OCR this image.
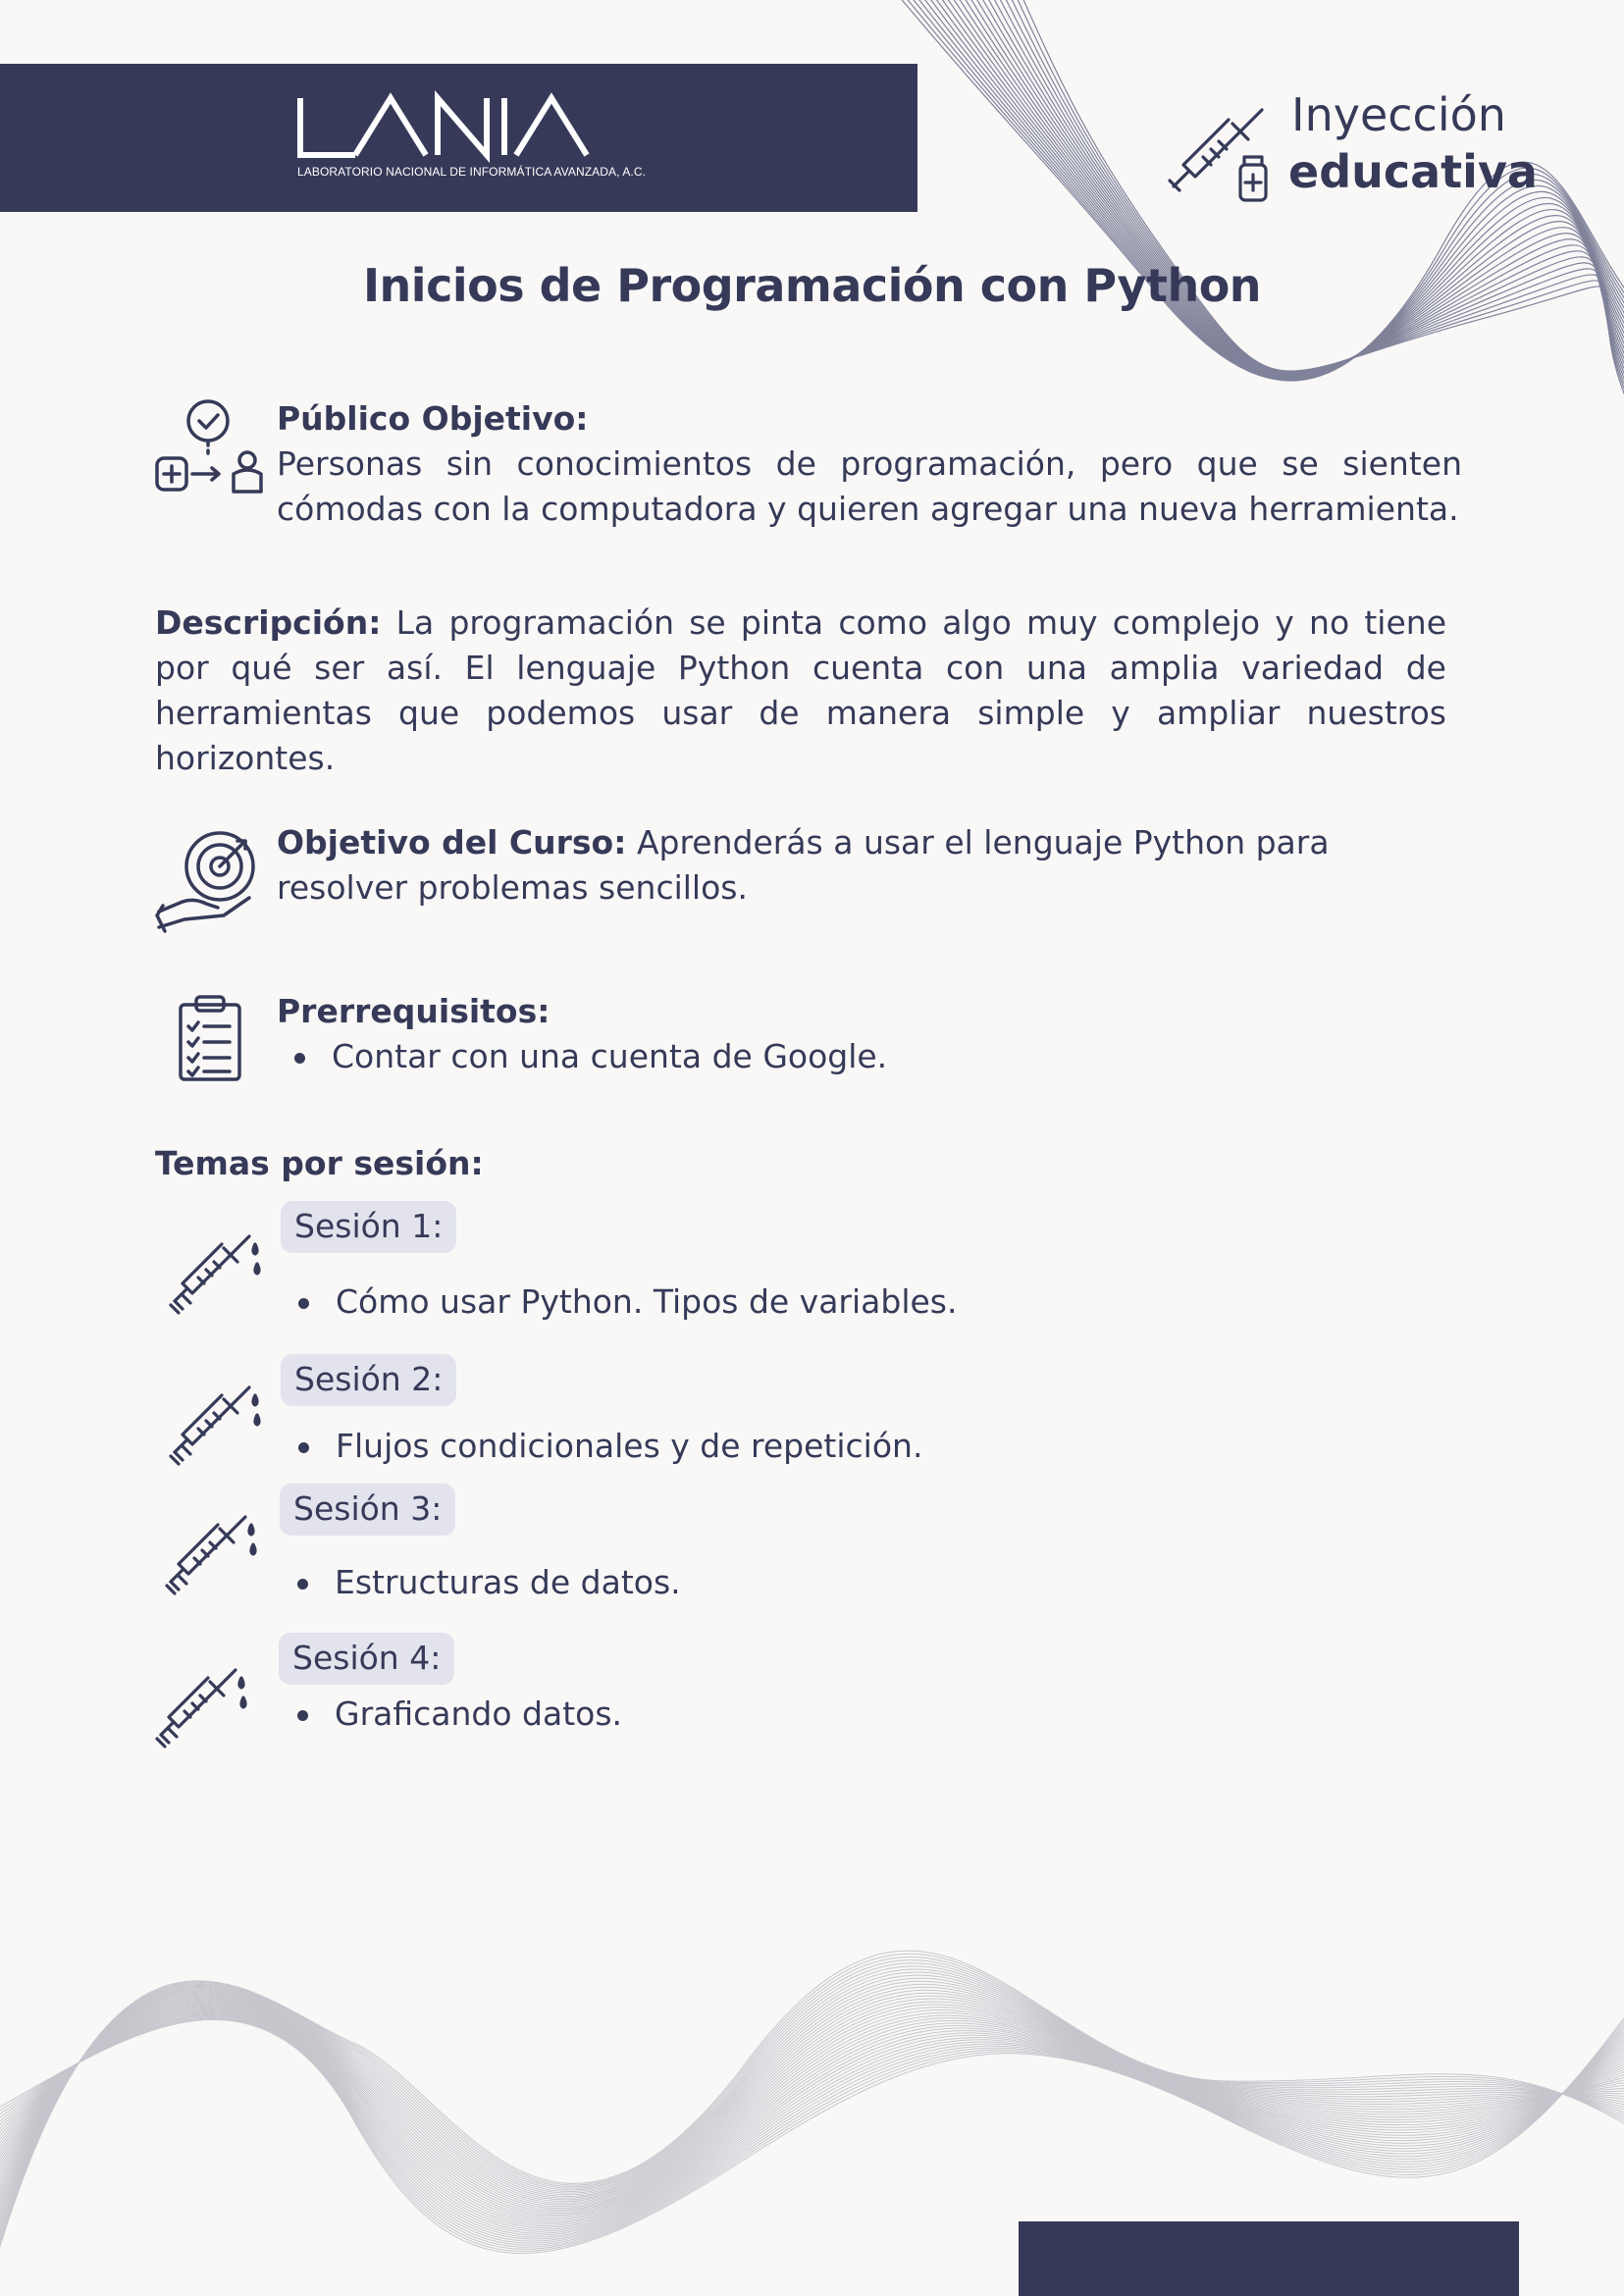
LABORATORIO NACIONAL DE INFORMÁTICA AVANZADA, A.C.
Inyección
educativa
Inicios de Programación con Python
Público Objetivo:
Personas sin conocimientos de programación, pero que se sienten cómodas con la computadora y quieren agregar una nueva herramienta.
Descripción: La programación se pinta como algo muy complejo y no tiene por qué ser así. El lenguaje Python cuenta con una amplia variedad de herramientas que podemos usar de manera simple y ampliar nuestros horizontes.
Objetivo del Curso: Aprenderás a usar el lenguaje Python para resolver problemas sencillos.
Prerrequisitos:
Contar con una cuenta de Google.
Temas por sesión:
Sesión 1:
Cómo usar Python. Tipos de variables.
Sesión 2:
Flujos condicionales y de repetición.
Sesión 3:
Estructuras de datos.
Sesión 4:
Graficando datos.
